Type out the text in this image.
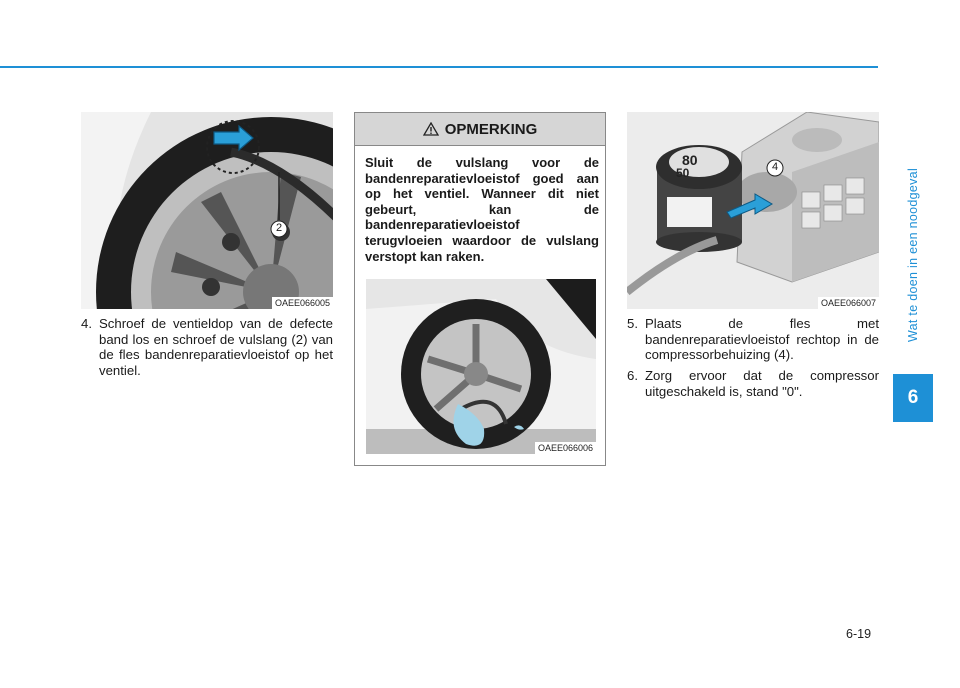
Wat te doen in een noodgeval
6
2
OAEE066005
4. Schroef de ventieldop van de defecte band los en schroef de vulslang (2) van de fles bandenreparatievloeistof op het ventiel.
OPMERKING
Sluit de vulslang voor de bandenreparatievloeistof goed aan op het ventiel. Wanneer dit niet gebeurt, kan de bandenreparatievloeistof terugvloeien waardoor de vulslang verstopt kan raken.
OAEE066006
80
50	4
OAEE066007
5. Plaats de fles met bandenreparatievloeistof rechtop in de compressorbehuizing (4).
6. Zorg ervoor dat de compressor uitgeschakeld is, stand "0".
6-19
